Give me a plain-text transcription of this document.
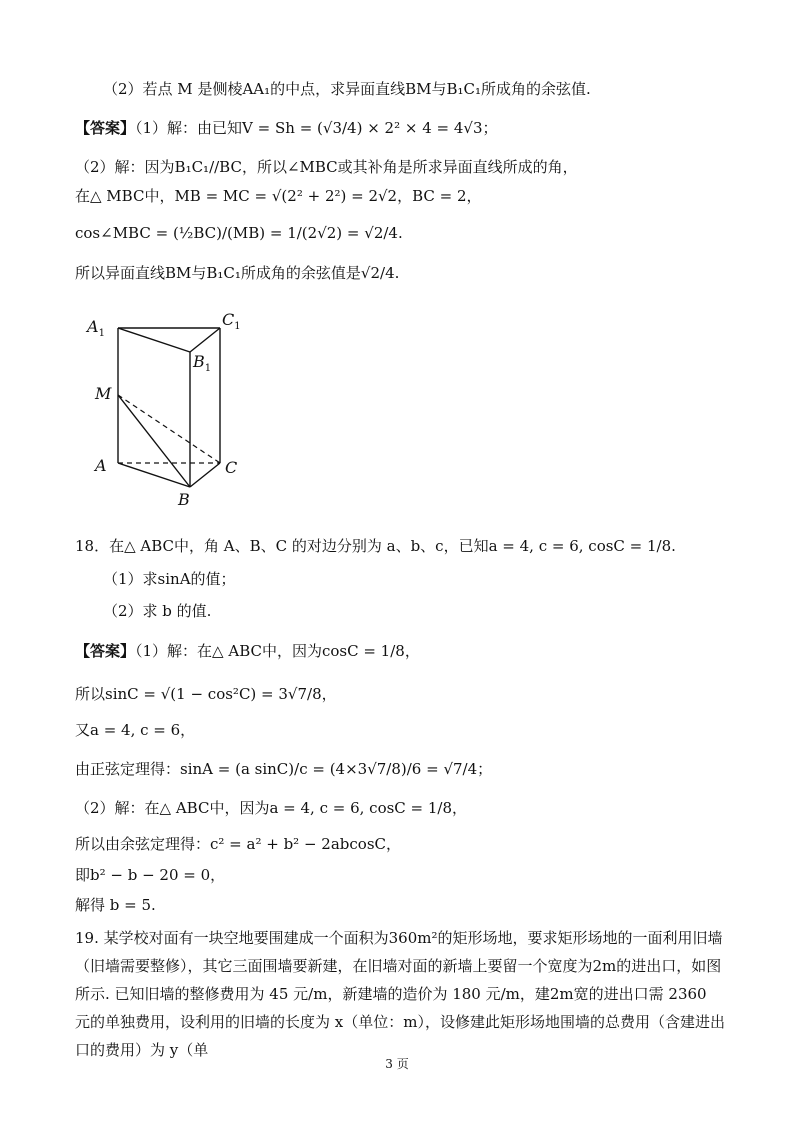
（2）若点 M 是侧棱AA₁的中点，求异面直线BM与B₁C₁所成角的余弦值.
【答案】（1）解：由已知V = Sh = (√3/4) × 2² × 4 = 4√3；
（2）解：因为B₁C₁//BC，所以∠MBC或其补角是所求异面直线所成的角，
在△ MBC中，MB = MC = √(2² + 2²) = 2√2，BC = 2，
cos∠MBC = (½BC)/(MB) = 1/(2√2) = √2/4.
所以异面直线BM与B₁C₁所成角的余弦值是√2/4.
$A_1$
$C_1$
$B_1$
M
A	C
B
18．在△ ABC中，角 A、B、C 的对边分别为 a、b、c，已知a = 4, c = 6, cosC = 1/8.
（1）求sinA的值；
（2）求 b 的值.
【答案】（1）解：在△ ABC中，因为cosC = 1/8，
所以sinC = √(1 − cos²C) = 3√7/8，
又a = 4, c = 6，
由正弦定理得：sinA = (a sinC)/c = (4×3√7/8)/6 = √7/4；
（2）解：在△ ABC中，因为a = 4, c = 6, cosC = 1/8，
所以由余弦定理得：c² = a² + b² − 2abcosC，
即b² − b − 20 = 0，
解得 b = 5.
19. 某学校对面有一块空地要围建成一个面积为360m²的矩形场地，要求矩形场地的一面利用旧墙（旧墙需要整修），其它三面围墙要新建，在旧墙对面的新墙上要留一个宽度为2m的进出口，如图所示. 已知旧墙的整修费用为 45 元/m，新建墙的造价为 180 元/m，建2m宽的进出口需 2360 元的单独费用，设利用的旧墙的长度为 x（单位：m），设修建此矩形场地围墙的总费用（含建进出口的费用）为 y（单
3 页
